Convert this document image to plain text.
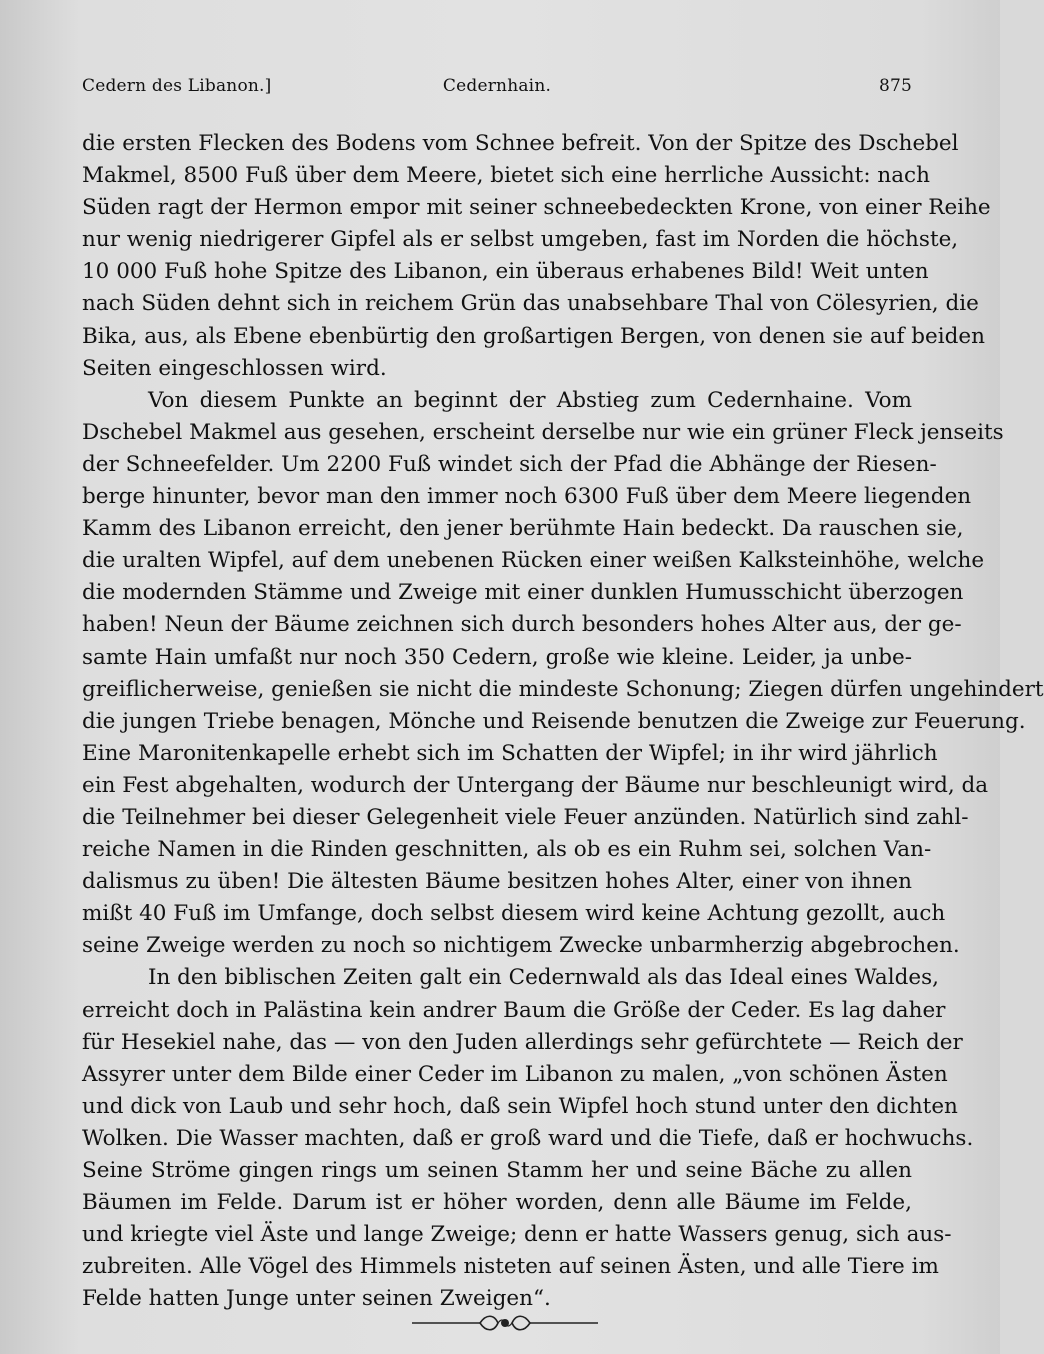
Cedern des Libanon.]	Cedernhain.	875

die ersten Flecken des Bodens vom Schnee befreit. Von der Spitze des Dschebel
Makmel, 8500 Fuß über dem Meere, bietet sich eine herrliche Aussicht: nach
Süden ragt der Hermon empor mit seiner schneebedeckten Krone, von einer Reihe
nur wenig niedrigerer Gipfel als er selbst umgeben, fast im Norden die höchste,
10 000 Fuß hohe Spitze des Libanon, ein überaus erhabenes Bild! Weit unten
nach Süden dehnt sich in reichem Grün das unabsehbare Thal von Cölesyrien, die
Bika, aus, als Ebene ebenbürtig den großartigen Bergen, von denen sie auf beiden
Seiten eingeschlossen wird.

Von diesem Punkte an beginnt der Abstieg zum Cedernhaine. Vom
Dschebel Makmel aus gesehen, erscheint derselbe nur wie ein grüner Fleck jenseits
der Schneefelder. Um 2200 Fuß windet sich der Pfad die Abhänge der Riesen-
berge hinunter, bevor man den immer noch 6300 Fuß über dem Meere liegenden
Kamm des Libanon erreicht, den jener berühmte Hain bedeckt. Da rauschen sie,
die uralten Wipfel, auf dem unebenen Rücken einer weißen Kalksteinhöhe, welche
die modernden Stämme und Zweige mit einer dunklen Humusschicht überzogen
haben! Neun der Bäume zeichnen sich durch besonders hohes Alter aus, der ge-
samte Hain umfaßt nur noch 350 Cedern, große wie kleine. Leider, ja unbe-
greiflicherweise, genießen sie nicht die mindeste Schonung; Ziegen dürfen ungehindert
die jungen Triebe benagen, Mönche und Reisende benutzen die Zweige zur Feuerung.
Eine Maronitenkapelle erhebt sich im Schatten der Wipfel; in ihr wird jährlich
ein Fest abgehalten, wodurch der Untergang der Bäume nur beschleunigt wird, da
die Teilnehmer bei dieser Gelegenheit viele Feuer anzünden. Natürlich sind zahl-
reiche Namen in die Rinden geschnitten, als ob es ein Ruhm sei, solchen Van-
dalismus zu üben! Die ältesten Bäume besitzen hohes Alter, einer von ihnen
mißt 40 Fuß im Umfange, doch selbst diesem wird keine Achtung gezollt, auch
seine Zweige werden zu noch so nichtigem Zwecke unbarmherzig abgebrochen.

In den biblischen Zeiten galt ein Cedernwald als das Ideal eines Waldes,
erreicht doch in Palästina kein andrer Baum die Größe der Ceder. Es lag daher
für Hesekiel nahe, das — von den Juden allerdings sehr gefürchtete — Reich der
Assyrer unter dem Bilde einer Ceder im Libanon zu malen, „von schönen Ästen
und dick von Laub und sehr hoch, daß sein Wipfel hoch stund unter den dichten
Wolken. Die Wasser machten, daß er groß ward und die Tiefe, daß er hochwuchs.
Seine Ströme gingen rings um seinen Stamm her und seine Bäche zu allen
Bäumen im Felde. Darum ist er höher worden, denn alle Bäume im Felde,
und kriegte viel Äste und lange Zweige; denn er hatte Wassers genug, sich aus-
zubreiten. Alle Vögel des Himmels nisteten auf seinen Ästen, und alle Tiere im
Felde hatten Junge unter seinen Zweigen“.
